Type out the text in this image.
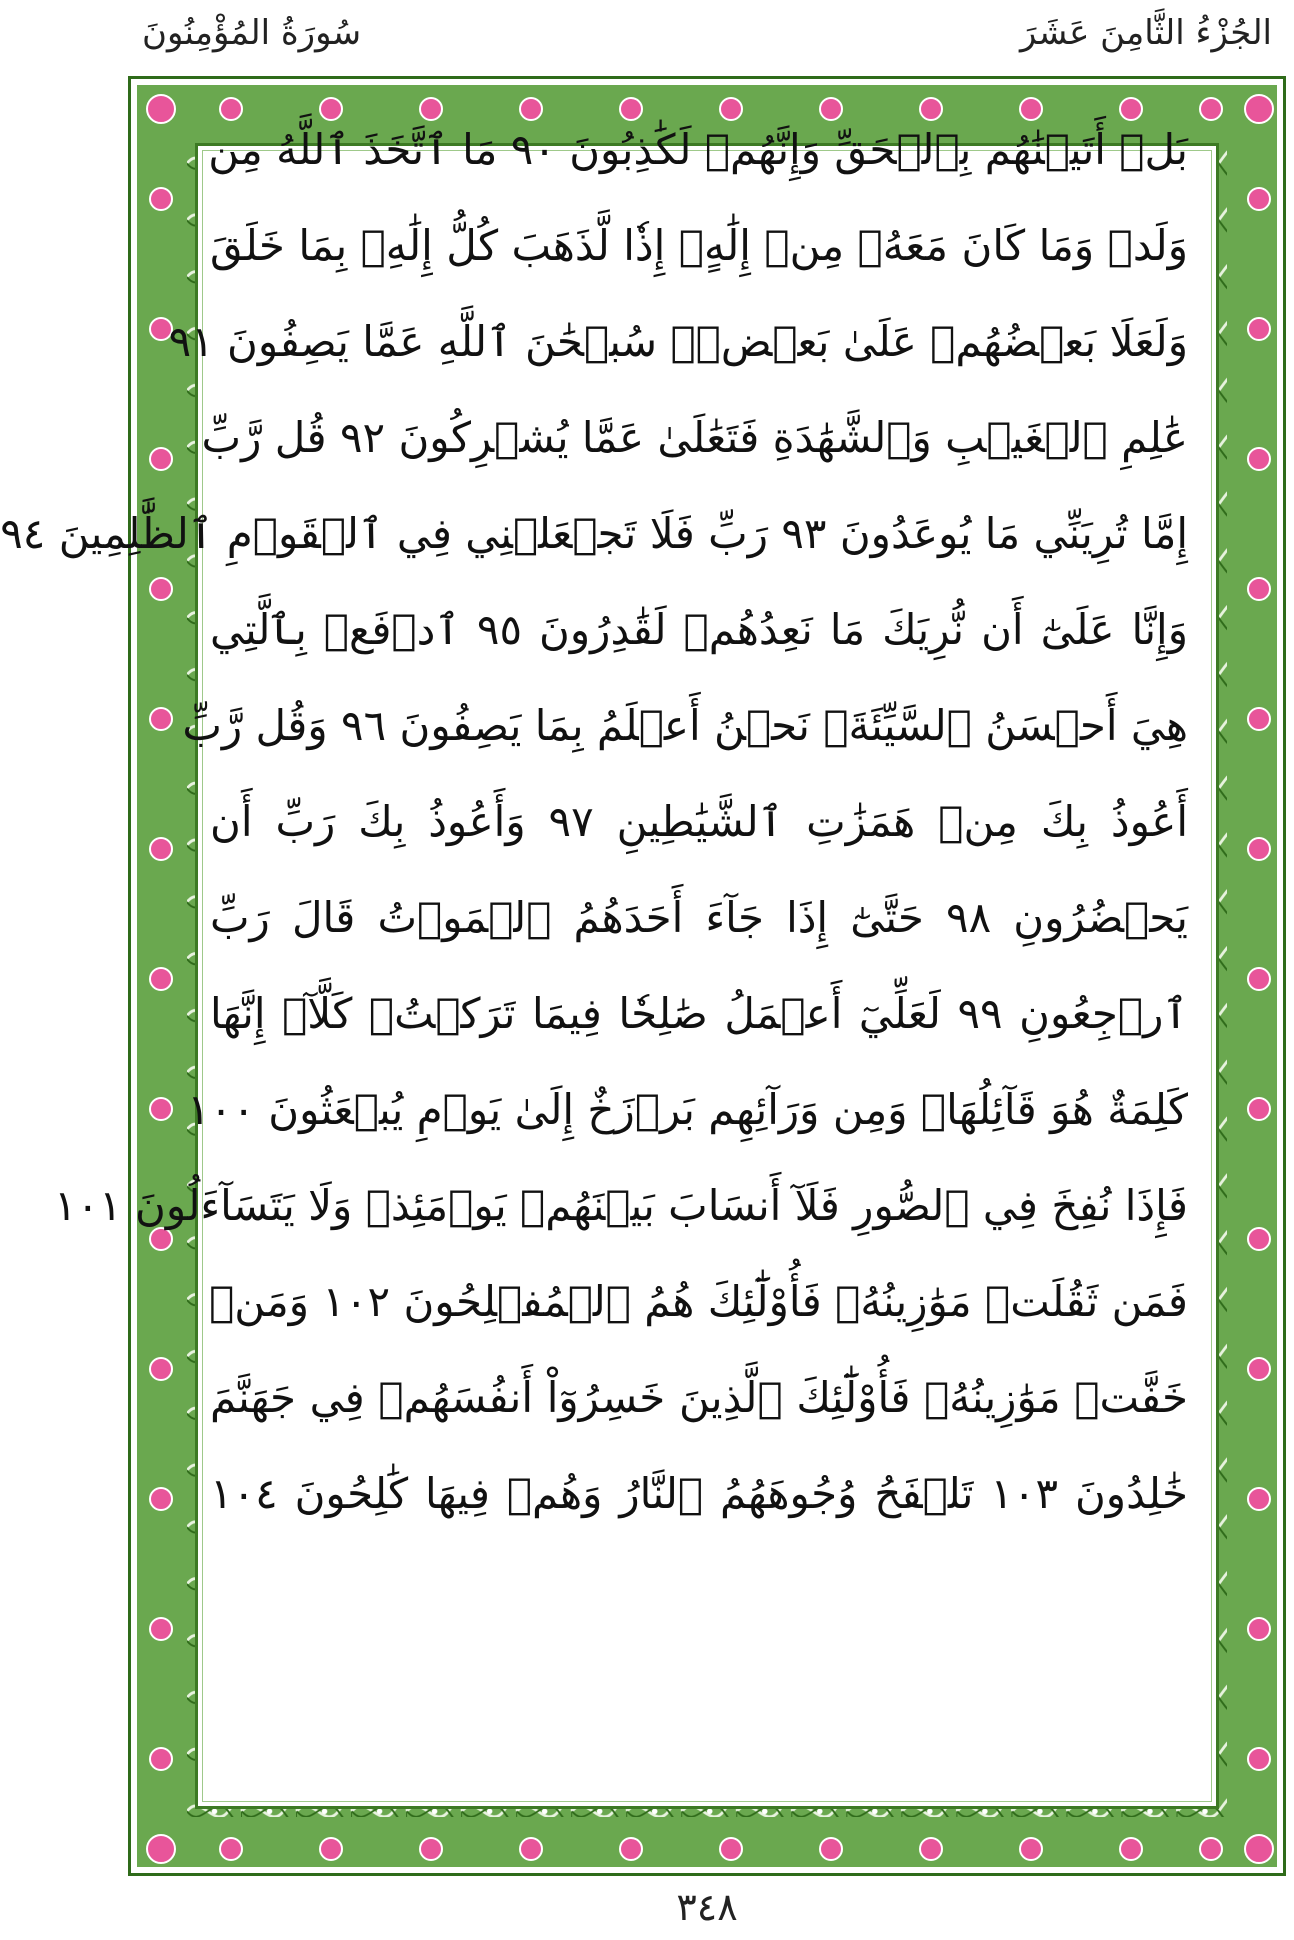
الجُزْءُ الثَّامِنَ عَشَرَ
سُورَةُ المُؤْمِنُونَ
بَلۡ أَتَيۡنَٰهُم بِٱلۡحَقِّ وَإِنَّهُمۡ لَكَٰذِبُونَ ٩٠ مَا ٱتَّخَذَ ٱللَّهُ مِن
وَلَدٖ وَمَا كَانَ مَعَهُۥ مِنۡ إِلَٰهٍۚ إِذٗا لَّذَهَبَ كُلُّ إِلَٰهِۭ بِمَا خَلَقَ
وَلَعَلَا بَعۡضُهُمۡ عَلَىٰ بَعۡضٖۚ سُبۡحَٰنَ ٱللَّهِ عَمَّا يَصِفُونَ ٩١
عَٰلِمِ ٱلۡغَيۡبِ وَٱلشَّهَٰدَةِ فَتَعَٰلَىٰ عَمَّا يُشۡرِكُونَ ٩٢ قُل رَّبِّ
إِمَّا تُرِيَنِّي مَا يُوعَدُونَ ٩٣ رَبِّ فَلَا تَجۡعَلۡنِي فِي ٱلۡقَوۡمِ ٱلظَّٰلِمِينَ ٩٤
وَإِنَّا عَلَىٰٓ أَن نُّرِيَكَ مَا نَعِدُهُمۡ لَقَٰدِرُونَ ٩٥ ٱدۡفَعۡ بِٱلَّتِي
هِيَ أَحۡسَنُ ٱلسَّيِّئَةَۚ نَحۡنُ أَعۡلَمُ بِمَا يَصِفُونَ ٩٦ وَقُل رَّبِّ
أَعُوذُ بِكَ مِنۡ هَمَزَٰتِ ٱلشَّيَٰطِينِ ٩٧ وَأَعُوذُ بِكَ رَبِّ أَن
يَحۡضُرُونِ ٩٨ حَتَّىٰٓ إِذَا جَآءَ أَحَدَهُمُ ٱلۡمَوۡتُ قَالَ رَبِّ
ٱرۡجِعُونِ ٩٩ لَعَلِّيٓ أَعۡمَلُ صَٰلِحٗا فِيمَا تَرَكۡتُۚ كَلَّآۚ إِنَّهَا
كَلِمَةٌ هُوَ قَآئِلُهَاۖ وَمِن وَرَآئِهِم بَرۡزَخٌ إِلَىٰ يَوۡمِ يُبۡعَثُونَ ١٠٠
فَإِذَا نُفِخَ فِي ٱلصُّورِ فَلَآ أَنسَابَ بَيۡنَهُمۡ يَوۡمَئِذٖ وَلَا يَتَسَآءَلُونَ ١٠١
فَمَن ثَقُلَتۡ مَوَٰزِينُهُۥ فَأُوْلَٰٓئِكَ هُمُ ٱلۡمُفۡلِحُونَ ١٠٢ وَمَنۡ
خَفَّتۡ مَوَٰزِينُهُۥ فَأُوْلَٰٓئِكَ ٱلَّذِينَ خَسِرُوٓاْ أَنفُسَهُمۡ فِي جَهَنَّمَ
خَٰلِدُونَ ١٠٣ تَلۡفَحُ وُجُوهَهُمُ ٱلنَّارُ وَهُمۡ فِيهَا كَٰلِحُونَ ١٠٤
٣٤٨
